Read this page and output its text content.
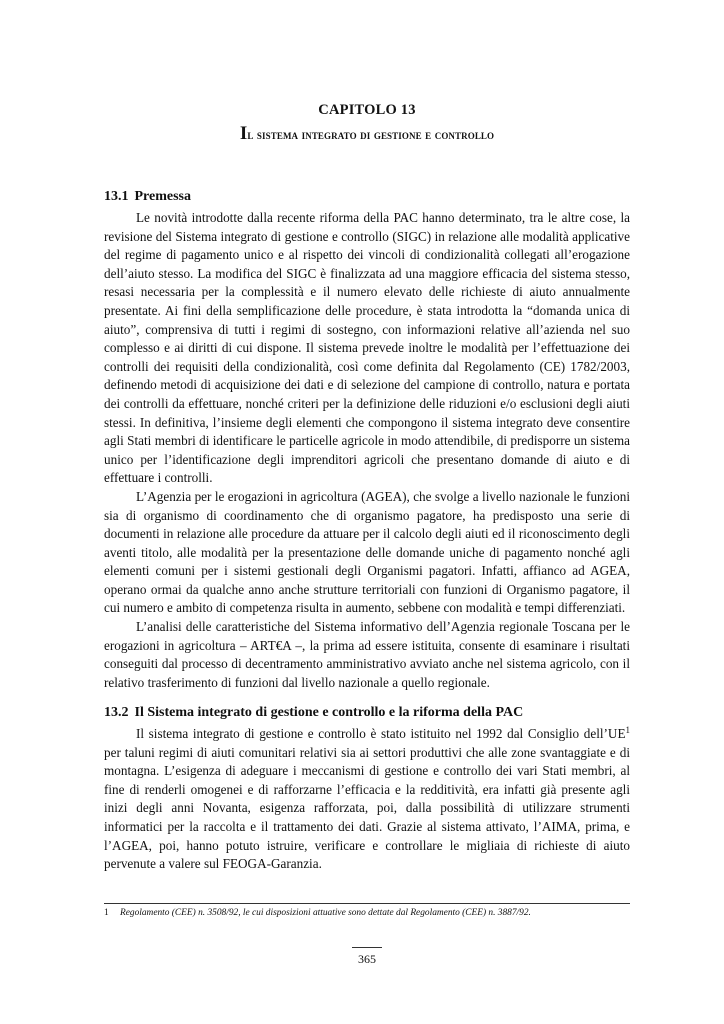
CAPITOLO 13
Il sistema integrato di gestione e controllo
13.1 Premessa

Le novità introdotte dalla recente riforma della PAC hanno determinato, tra le altre cose, la revisione del Sistema integrato di gestione e controllo (SIGC) in relazione alle modalità applicative del regime di pagamento unico e al rispetto dei vincoli di condizionalità collegati all’erogazione dell’aiuto stesso. La modifica del SIGC è finalizzata ad una maggiore efficacia del sistema stesso, resasi necessaria per la complessità e il numero elevato delle richieste di aiuto annualmente presentate. Ai fini della semplificazione delle procedure, è stata introdotta la “domanda unica di aiuto”, comprensiva di tutti i regimi di sostegno, con informazioni relative all’azienda nel suo complesso e ai diritti di cui dispone. Il sistema prevede inoltre le modalità per l’effettuazione dei controlli dei requisiti della condizionalità, così come definita dal Regolamento (CE) 1782/2003, definendo metodi di acquisizione dei dati e di selezione del campione di controllo, natura e portata dei controlli da effettuare, nonché criteri per la definizione delle riduzioni e/o esclusioni degli aiuti stessi. In definitiva, l’insieme degli elementi che compongono il sistema integrato deve consentire agli Stati membri di identificare le particelle agricole in modo attendibile, di predisporre un sistema unico per l’identificazione degli imprenditori agricoli che presentano domande di aiuto e di effettuare i controlli.

L’Agenzia per le erogazioni in agricoltura (AGEA), che svolge a livello nazionale le funzioni sia di organismo di coordinamento che di organismo pagatore, ha predisposto una serie di documenti in relazione alle procedure da attuare per il calcolo degli aiuti ed il riconoscimento degli aventi titolo, alle modalità per la presentazione delle domande uniche di pagamento nonché agli elementi comuni per i sistemi gestionali degli Organismi pagatori. Infatti, affianco ad AGEA, operano ormai da qualche anno anche strutture territoriali con funzioni di Organismo pagatore, il cui numero e ambito di competenza risulta in aumento, sebbene con modalità e tempi differenziati.

L’analisi delle caratteristiche del Sistema informativo dell’Agenzia regionale Toscana per le erogazioni in agricoltura – ART€A –, la prima ad essere istituita, consente di esaminare i risultati conseguiti dal processo di decentramento amministrativo avviato anche nel sistema agricolo, con il relativo trasferimento di funzioni dal livello nazionale a quello regionale.

13.2 Il Sistema integrato di gestione e controllo e la riforma della PAC

Il sistema integrato di gestione e controllo è stato istituito nel 1992 dal Consiglio $dell’UE^1$ per taluni regimi di aiuti comunitari relativi sia ai settori produttivi che alle zone svantaggiate e di montagna. L’esigenza di adeguare i meccanismi di gestione e controllo dei vari Stati membri, al fine di renderli omogenei e di rafforzarne l’efficacia e la redditività, era infatti già presente agli inizi degli anni Novanta, esigenza rafforzata, poi, dalla possibilità di utilizzare strumenti informatici per la raccolta e il trattamento dei dati. Grazie al sistema attivato, l’AIMA, prima, e l’AGEA, poi, hanno potuto istruire, verificare e controllare le migliaia di richieste di aiuto pervenute a valere sul FEOGA-Garanzia.

1 Regolamento (CEE) n. 3508/92, le cui disposizioni attuative sono dettate dal Regolamento (CEE) n. 3887/92.
365
